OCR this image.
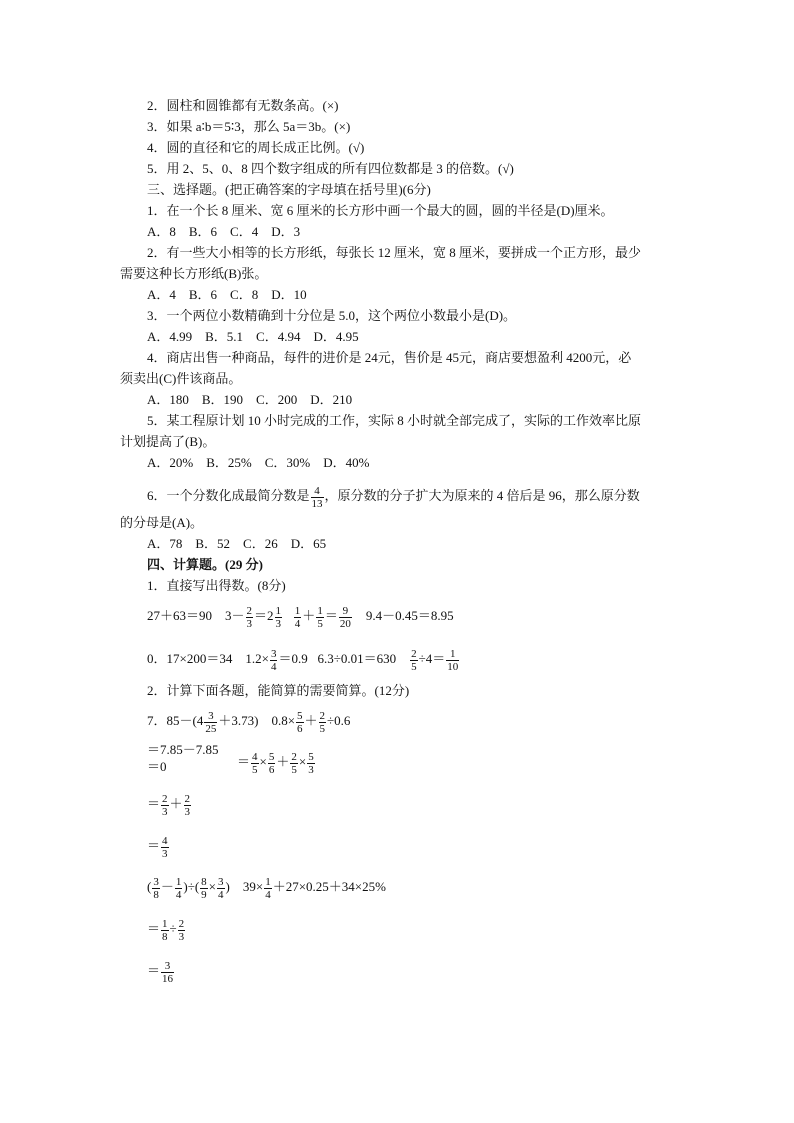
2．圆柱和圆锥都有无数条高。(×)
3．如果 a∶b＝5∶3，那么 5a＝3b。(×)
4．圆的直径和它的周长成正比例。(√)
5．用 2、5、0、8 四个数字组成的所有四位数都是 3 的倍数。(√)
三、选择题。(把正确答案的字母填在括号里)(6分)
1．在一个长 8 厘米、宽 6 厘米的长方形中画一个最大的圆，圆的半径是(D)厘米。
A．8　B．6　C．4　D．3
2．有一些大小相等的长方形纸，每张长 12 厘米，宽 8 厘米，要拼成一个正方形，最少
需要这种长方形纸(B)张。
A．4　B．6　C．8　D．10
3．一个两位小数精确到十分位是 5.0，这个两位小数最小是(D)。
A．4.99　B．5.1　C．4.94　D．4.95
4．商店出售一种商品，每件的进价是 24元，售价是 45元，商店要想盈利 4200元，必
须卖出(C)件该商品。
A．180　B．190　C．200　D．210
5．某工程原计划 10 小时完成的工作，实际 8 小时就全部完成了，实际的工作效率比原
计划提高了(B)。
A．20%　B．25%　C．30%　D．40%
6．一个分数化成最简分数是 $\frac{4}{13}$ ，原分数的分子扩大为原来的 4 倍后是 96，那么原分数
的分母是(A)。
A．78　B．52　C．26　D．65
四、计算题。(29 分)
1．直接写出得数。(8分)
27＋63＝90 $3- \frac{2}{3} =2 \frac{1}{3}$
$\frac{1}{4} + \frac{1}{5} = \frac{9}{20} 9.4-0.45=8.95$
0．17×200＝34 $1.2\times \frac{3}{4} =0.9$ $6.3\div 0.01=630 \frac{2}{5} \div 4= \frac{1}{10}$
2．计算下面各题，能简算的需要简算。(12分)
7．$85-(4 \frac{3}{25} +3.73)$ $0.8\times \frac{5}{6} + \frac{2}{5} \div 0.6$
＝7.85－7.85
＝0	＝ $\frac{4}{5} \times \frac{5}{6} + \frac{2}{5} \times \frac{5}{3}$
＝ $\frac{2}{3} + \frac{2}{3}$
＝ $\frac{4}{3}$
( $\frac{3}{8} - \frac{1}{4}$ )÷( $\frac{8}{9} \times \frac{3}{4}$ ) $39\times \frac{1}{4} +27\times 0.25+34\times 25\%$
＝ $\frac{1}{8} \div \frac{2}{3}$
＝ $\frac{3}{16}$
